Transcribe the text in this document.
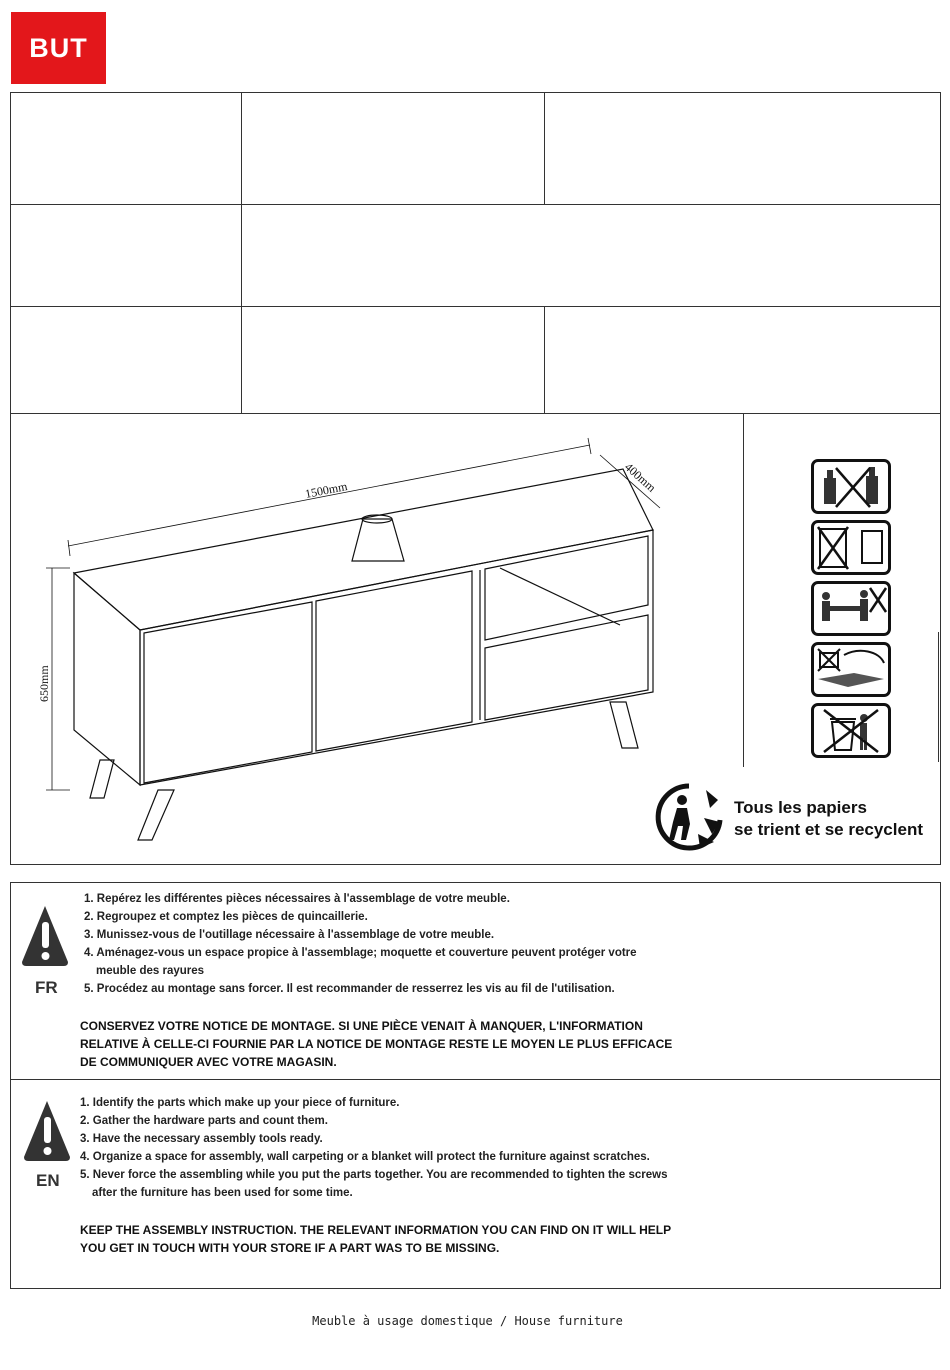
BUT
1500mm	400mm
650mm
Tous les papiers
se trient et se recyclent
FR
1. Repérez les différentes pièces nécessaires à l'assemblage de votre meuble.
2. Regroupez et comptez les pièces de quincaillerie.
3. Munissez-vous de l'outillage nécessaire à l'assemblage de votre meuble.
4. Aménagez-vous un espace propice à l'assemblage; moquette et couverture peuvent protéger votre
meuble des rayures
5. Procédez au montage sans forcer. Il est recommander de resserrez les vis au fil de l'utilisation.
CONSERVEZ VOTRE NOTICE DE MONTAGE. SI UNE PIÈCE VENAIT À MANQUER, L'INFORMATION
RELATIVE À CELLE-CI FOURNIE PAR LA NOTICE DE MONTAGE RESTE LE MOYEN LE PLUS EFFICACE
DE COMMUNIQUER AVEC VOTRE MAGASIN.
EN
1. Identify the parts which make up your piece of furniture.
2. Gather the hardware parts and count them.
3. Have the necessary assembly tools ready.
4. Organize a space for assembly, wall carpeting or a blanket will protect the furniture against scratches.
5. Never force the assembling while you put the parts together. You are recommended to tighten the screws
after the furniture has been used for some time.
KEEP THE ASSEMBLY INSTRUCTION. THE RELEVANT INFORMATION YOU CAN FIND ON IT WILL HELP
YOU GET IN TOUCH WITH YOUR STORE IF A PART WAS TO BE MISSING.
Meuble à usage domestique / House furniture
